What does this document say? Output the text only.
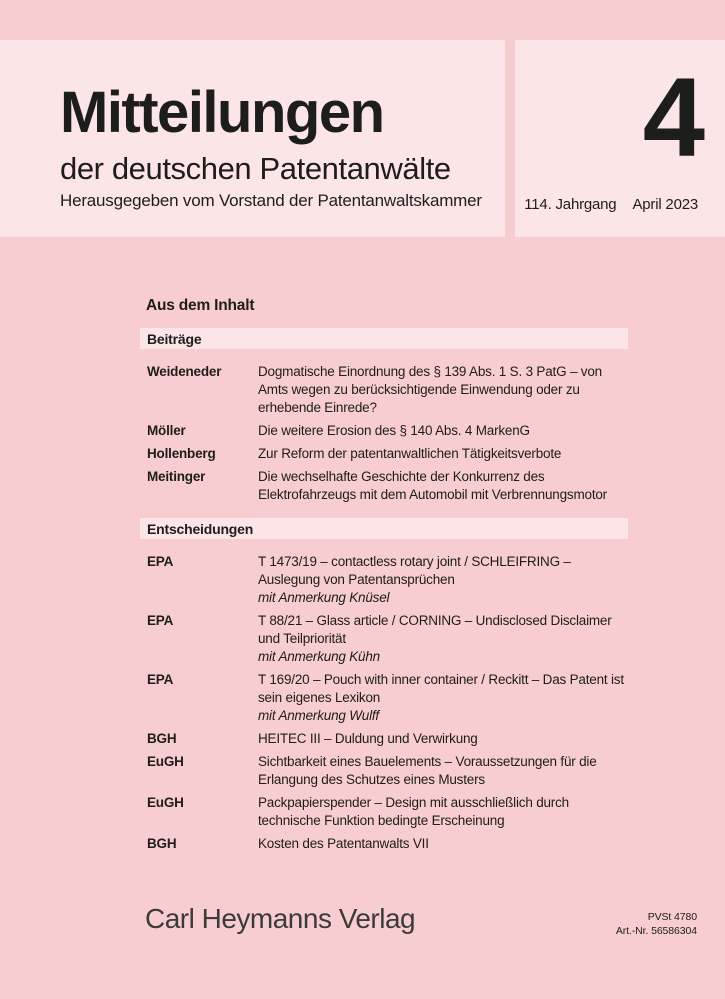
Mitteilungen
der deutschen Patentanwälte
Herausgegeben vom Vorstand der Patentanwaltskammer
4
114. Jahrgang April 2023
Aus dem Inhalt
Beiträge
Weideneder	Dogmatische Einordnung des § 139 Abs. 1 S. 3 PatG – von Amts wegen zu berücksichtigende Einwendung oder zu erhebende Einrede?
Möller	Die weitere Erosion des § 140 Abs. 4 MarkenG
Hollenberg	Zur Reform der patentanwaltlichen Tätigkeitsverbote
Meitinger	Die wechselhafte Geschichte der Konkurrenz des Elektrofahrzeugs mit dem Automobil mit Verbrennungsmotor
Entscheidungen
EPA	T 1473/19 – contactless rotary joint / SCHLEIFRING – Auslegung von Patentansprüchen
mit Anmerkung Knüsel
EPA	T 88/21 – Glass article / CORNING – Undisclosed Disclaimer und Teilpriorität
mit Anmerkung Kühn
EPA	T 169/20 – Pouch with inner container / Reckitt – Das Patent ist sein eigenes Lexikon
mit Anmerkung Wulff
BGH	HEITEC III – Duldung und Verwirkung
EuGH	Sichtbarkeit eines Bauelements – Voraussetzungen für die Erlangung des Schutzes eines Musters
EuGH	Packpapierspender – Design mit ausschließlich durch technische Funktion bedingte Erscheinung
BGH	Kosten des Patentanwalts VII
Carl Heymanns Verlag	PVSt 4780
Art.-Nr. 56586304
